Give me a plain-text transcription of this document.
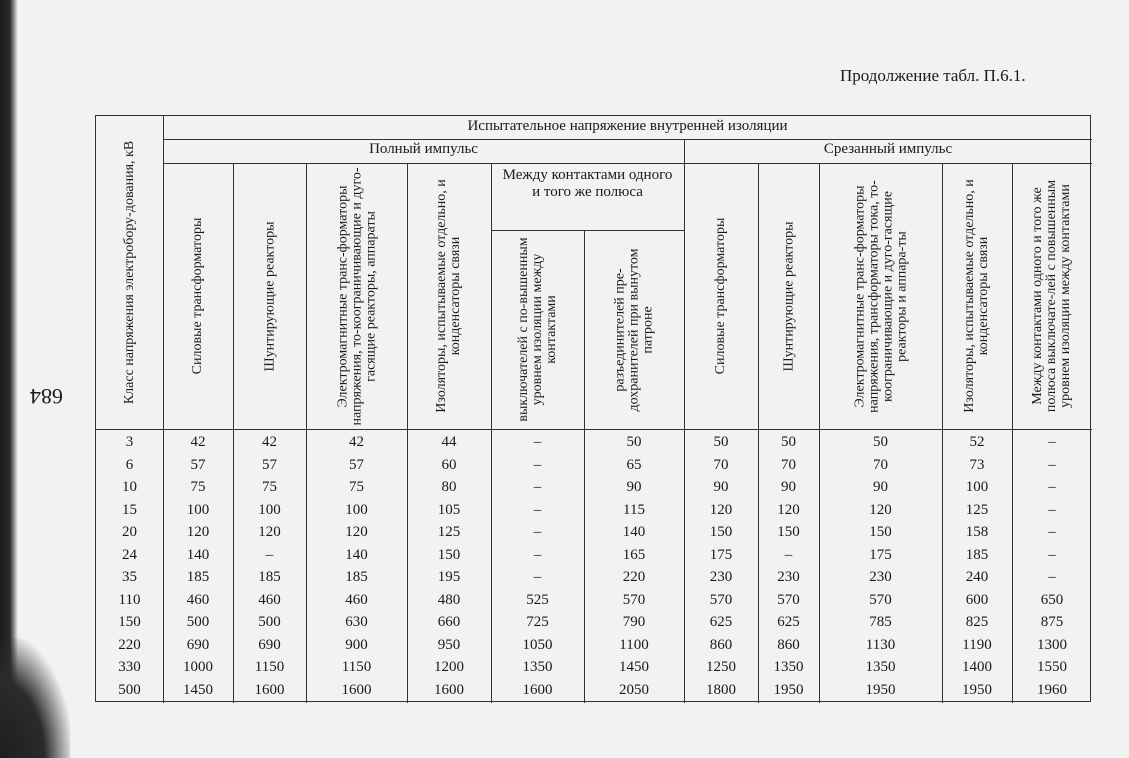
Продолжение табл. П.6.1.
684
Испытательное напряжение внутренней изоляции
Полный импульс	Срезанный импульс
Между контактами одного и того же полюса
Класс напряжения электробору-дования, кВ	Силовые трансформаторы	Шунтирующие реакторы	Электромагнитные транс-форматоры напряжения, то-коограничивающие и дуго-гасящие реакторы, аппараты	Изоляторы, испытываемые отдельно, и конденсаторы связи	выключателей с по-вышенным уровнем изоляции между контактами	разъединителей пре-дохранителей при вынутом патроне	Силовые трансформаторы	Шунтирующие реакторы	Электромагнитные транс-форматоры напряжения, трансформаторы тока, то-коограничивающие и дуго-гасящие реакторы и аппара-ты	Изоляторы, испытываемые отдельно, и конденсаторы связи	Между контактами одного и того же полюса выключате-лей с повышенным уровнем изоляции между контактами
3	42	42	42	44	–	50	50	50	50	52	–
6	57	57	57	60	–	65	70	70	70	73	–
10	75	75	75	80	–	90	90	90	90	100	–
15	100	100	100	105	–	115	120	120	120	125	–
20	120	120	120	125	–	140	150	150	150	158	–
24	140	–	140	150	–	165	175	–	175	185	–
35	185	185	185	195	–	220	230	230	230	240	–
110	460	460	460	480	525	570	570	570	570	600	650
150	500	500	630	660	725	790	625	625	785	825	875
220	690	690	900	950	1050	1100	860	860	1130	1190	1300
330	1000	1150	1150	1200	1350	1450	1250	1350	1350	1400	1550
500	1450	1600	1600	1600	1600	2050	1800	1950	1950	1950	1960
